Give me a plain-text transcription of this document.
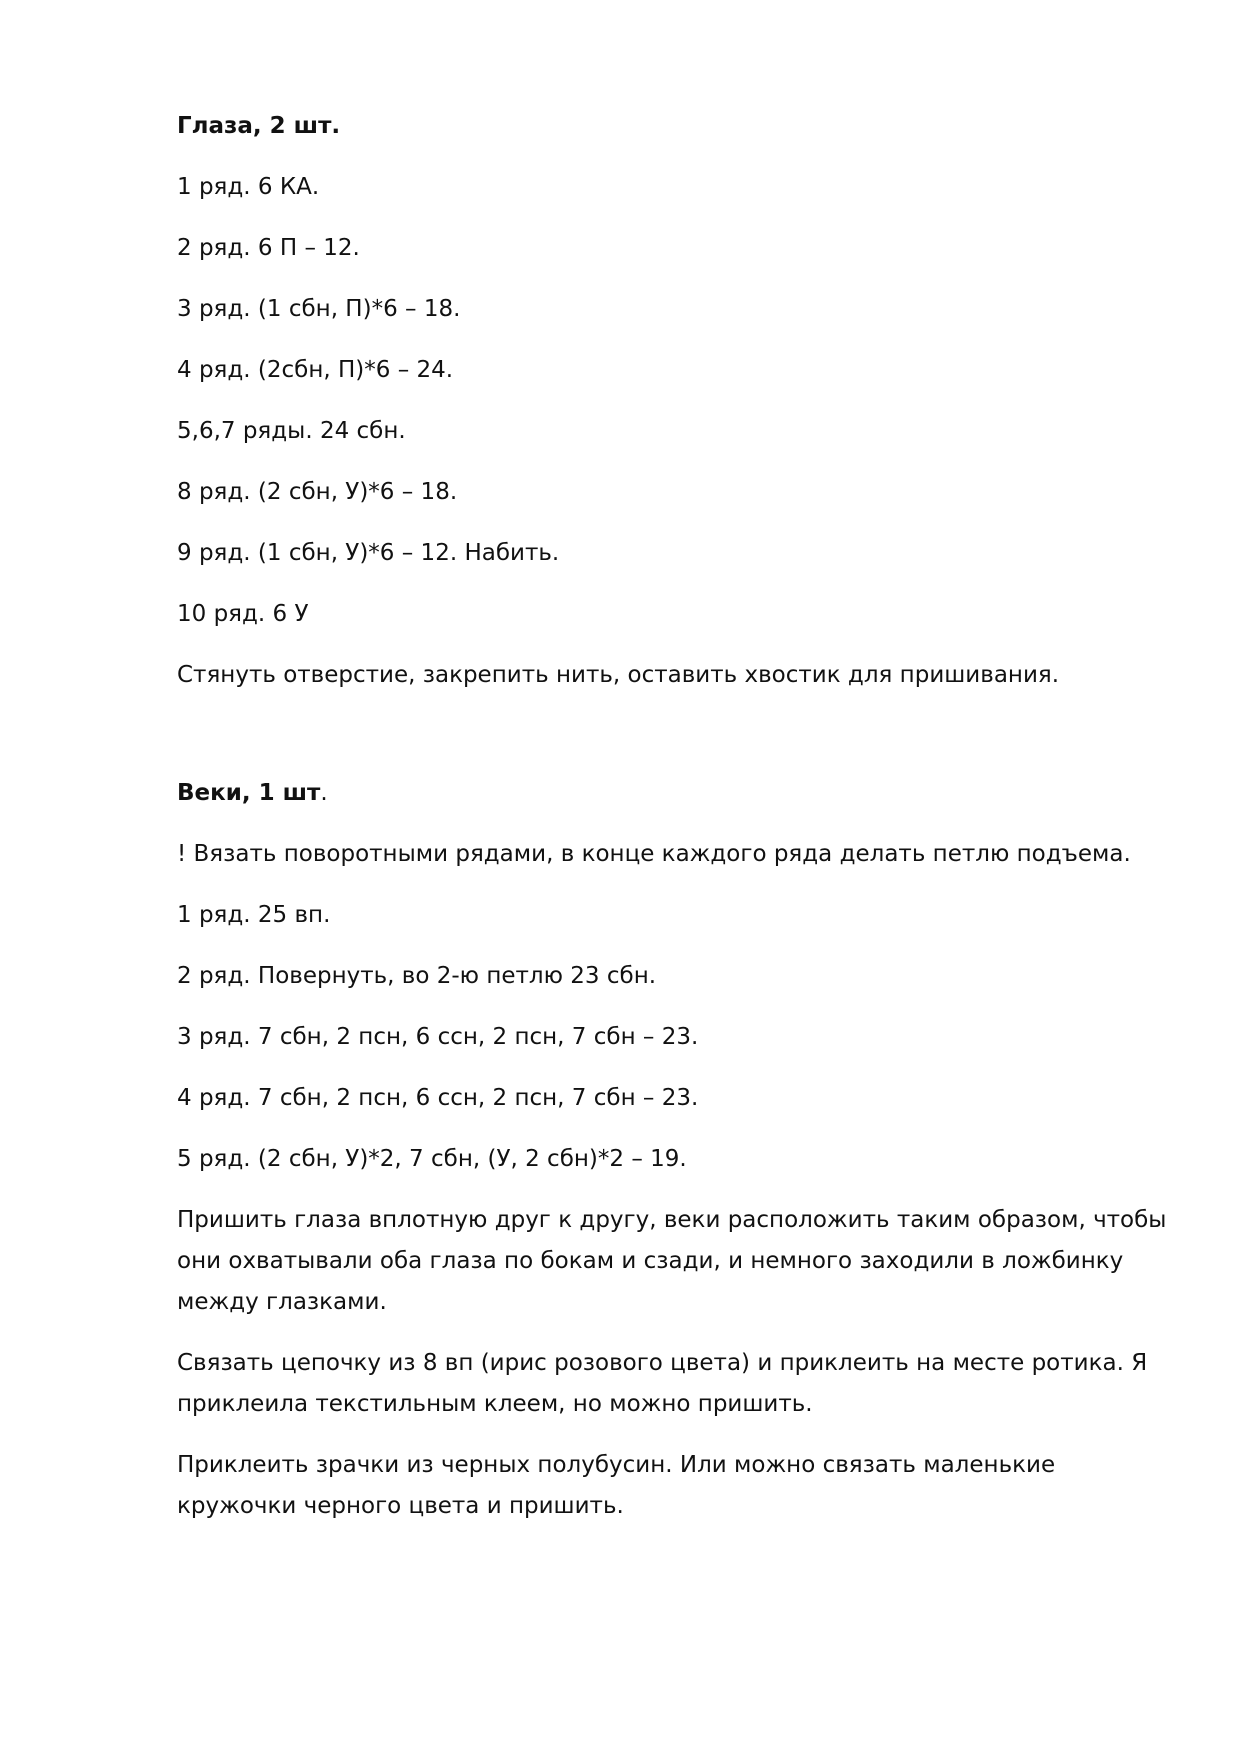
Глаза, 2 шт.
1 ряд. 6 КА.
2 ряд. 6 П – 12.
3 ряд. (1 сбн, П)*6 – 18.
4 ряд. (2сбн, П)*6 – 24.
5,6,7 ряды. 24 сбн.
8 ряд. (2 сбн, У)*6 – 18.
9 ряд. (1 сбн, У)*6 – 12. Набить.
10 ряд. 6 У
Стянуть отверстие, закрепить нить, оставить хвостик для пришивания.
Веки, 1 шт.
! Вязать поворотными рядами, в конце каждого ряда делать петлю подъема.
1 ряд. 25 вп.
2 ряд. Повернуть, во 2-ю петлю 23 сбн.
3 ряд. 7 сбн, 2 псн, 6 ссн, 2 псн, 7 сбн – 23.
4 ряд. 7 сбн, 2 псн, 6 ссн, 2 псн, 7 сбн – 23.
5 ряд. (2 сбн, У)*2, 7 сбн, (У, 2 сбн)*2 – 19.
Пришить глаза вплотную друг к другу, веки расположить таким образом, чтобы они охватывали оба глаза по бокам и сзади, и немного заходили в ложбинку между глазками.
Связать цепочку из 8 вп (ирис розового цвета) и приклеить на месте ротика. Я приклеила текстильным клеем, но можно пришить.
Приклеить зрачки из черных полубусин. Или можно связать маленькие кружочки черного цвета и пришить.
